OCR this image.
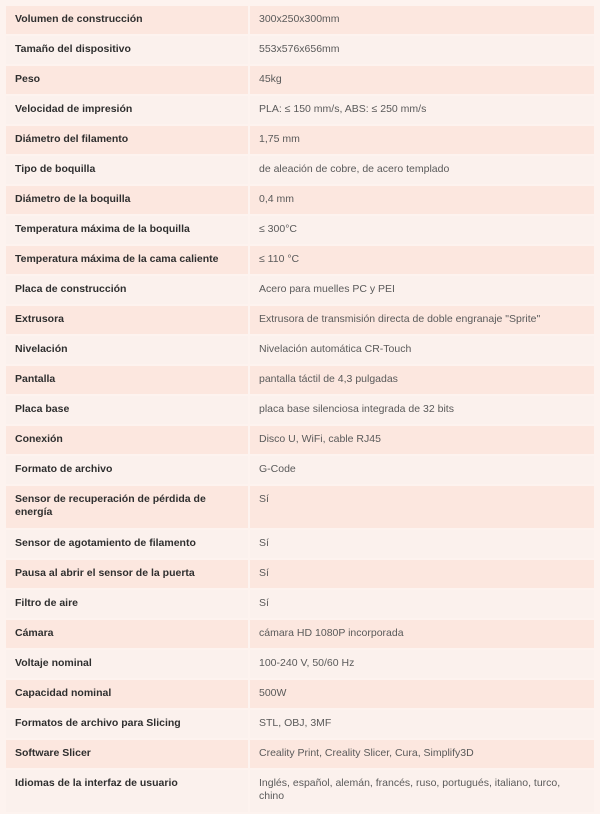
Volumen de construcción	300x250x300mm
Tamaño del dispositivo	553x576x656mm
Peso	45kg
Velocidad de impresión	PLA: ≤ 150 mm/s, ABS: ≤ 250 mm/s
Diámetro del filamento	1,75 mm
Tipo de boquilla	de aleación de cobre, de acero templado
Diámetro de la boquilla	0,4 mm
Temperatura máxima de la boquilla	≤ 300°C
Temperatura máxima de la cama caliente	≤ 110 °C
Placa de construcción	Acero para muelles PC y PEI
Extrusora	Extrusora de transmisión directa de doble engranaje "Sprite"
Nivelación	Nivelación automática CR-Touch
Pantalla	pantalla táctil de 4,3 pulgadas
Placa base	placa base silenciosa integrada de 32 bits
Conexión	Disco U, WiFi, cable RJ45
Formato de archivo	G-Code
Sensor de recuperación de pérdida de energía	Sí
Sensor de agotamiento de filamento	Sí
Pausa al abrir el sensor de la puerta	Sí
Filtro de aire	Sí
Cámara	cámara HD 1080P incorporada
Voltaje nominal	100-240 V, 50/60 Hz
Capacidad nominal	500W
Formatos de archivo para Slicing	STL, OBJ, 3MF
Software Slicer	Creality Print, Creality Slicer, Cura, Simplify3D
Idiomas de la interfaz de usuario	Inglés, español, alemán, francés, ruso, portugués, italiano, turco, chino
